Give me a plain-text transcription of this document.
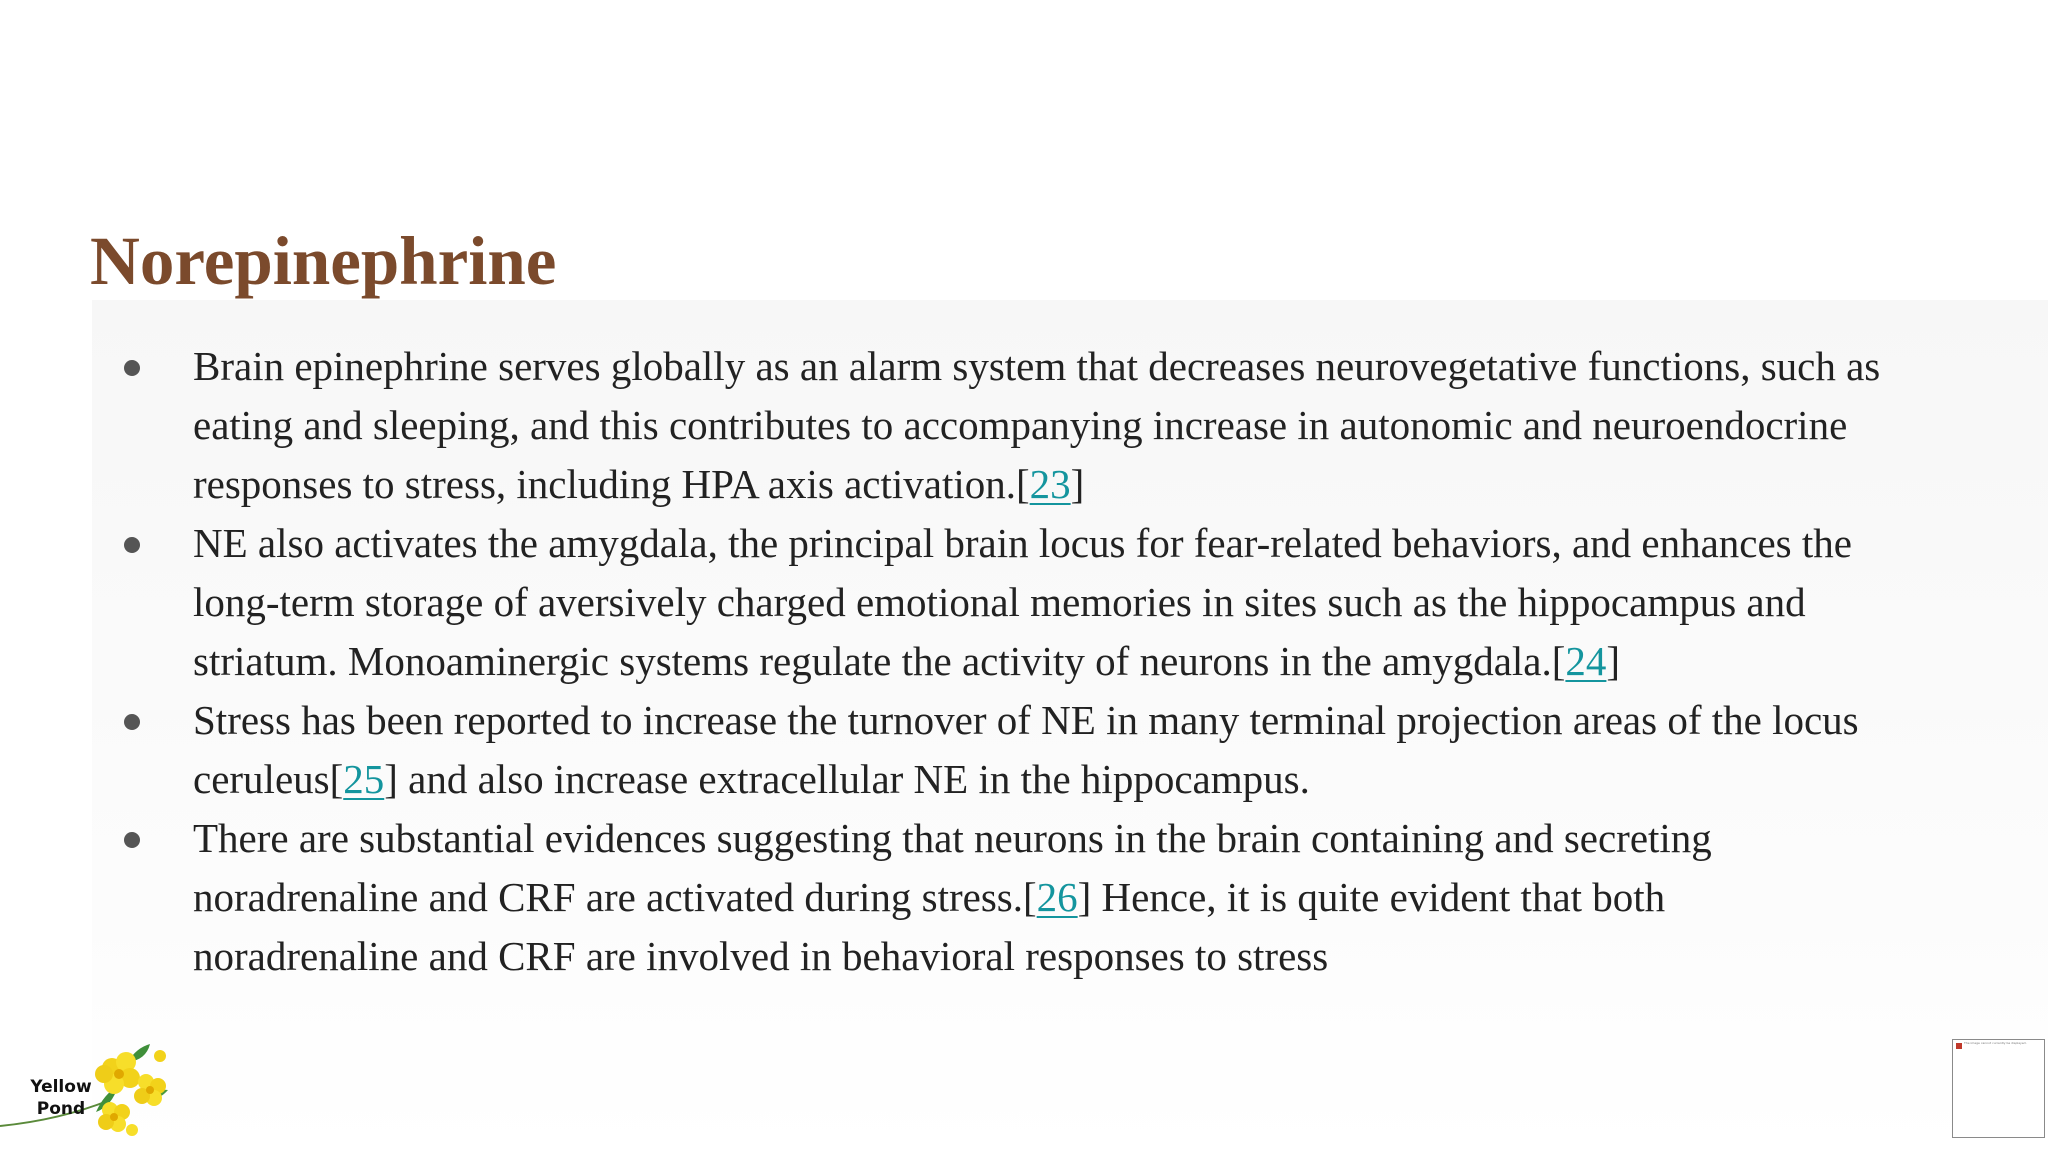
Norepinephrine
Brain epinephrine serves globally as an alarm system that decreases neurovegetative functions, such as
eating and sleeping, and this contributes to accompanying increase in autonomic and neuroendocrine
responses to stress, including HPA axis activation.[23]
NE also activates the amygdala, the principal brain locus for fear-related behaviors, and enhances the
long-term storage of aversively charged emotional memories in sites such as the hippocampus and
striatum. Monoaminergic systems regulate the activity of neurons in the amygdala.[24]
Stress has been reported to increase the turnover of NE in many terminal projection areas of the locus
ceruleus[25] and also increase extracellular NE in the hippocampus.
There are substantial evidences suggesting that neurons in the brain containing and secreting
noradrenaline and CRF are activated during stress.[26] Hence, it is quite evident that both
noradrenaline and CRF are involved in behavioral responses to stress
Yellow
Pond
The image cannot currently be displayed.
